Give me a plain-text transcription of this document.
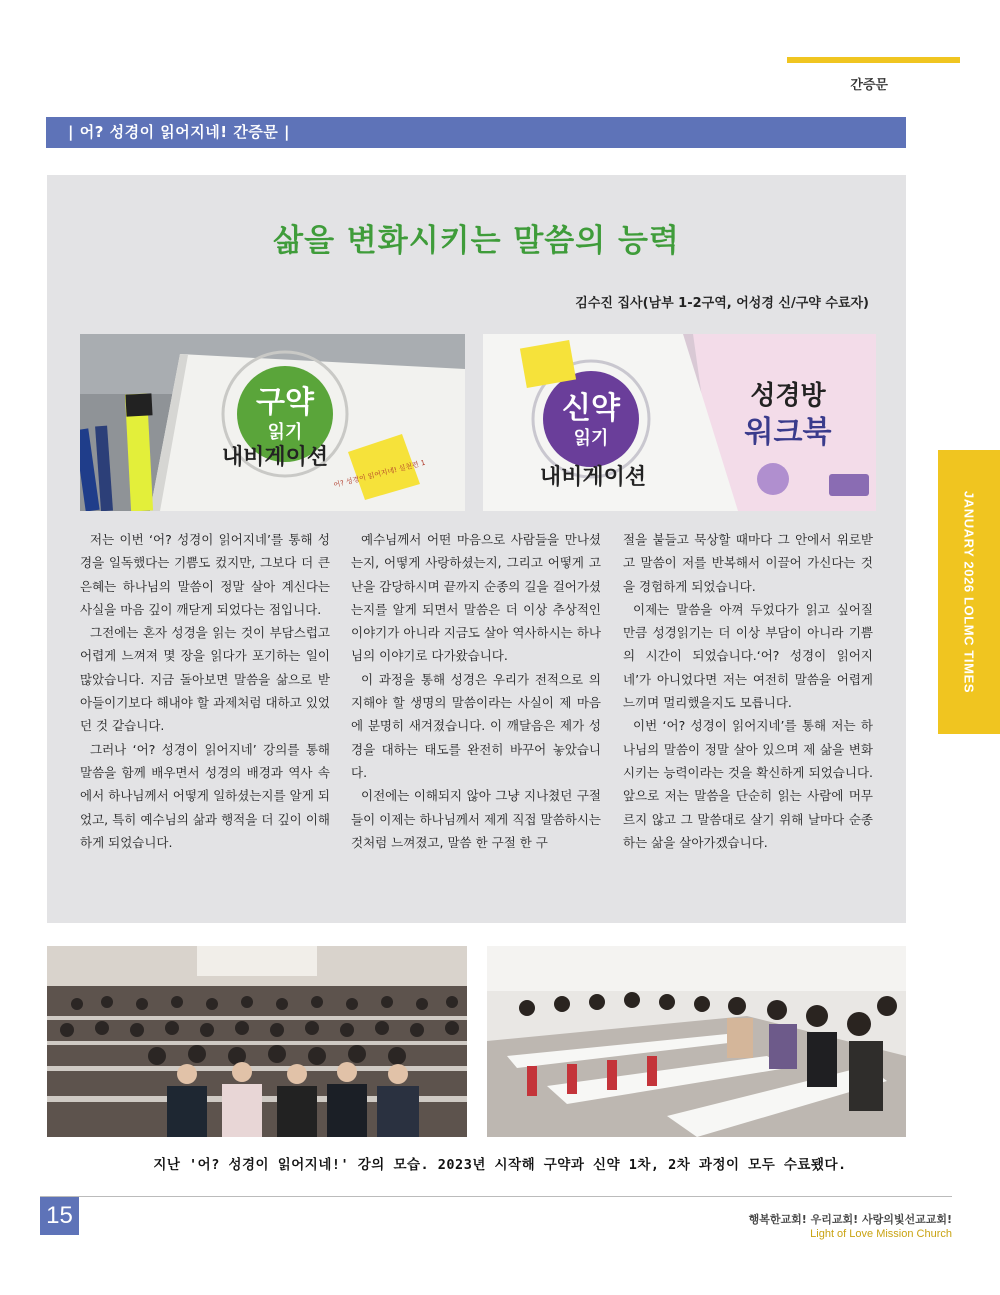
간증문
| 어? 성경이 읽어지네! 간증문 |
JANUARY 2026 LOLMC TIMES
삶을 변화시키는 말씀의 능력
김수진 집사(남부 1-2구역, 어성경 신/구약 수료자)
구약
읽기
내비게이션
어? 성경이 읽어지네! 실천편 1
신약
읽기
내비게이션
성경방
워크북

저는 이번 ‘어? 성경이 읽어지네’를 통해 성경을 일독했다는 기쁨도 컸지만, 그보다 더 큰 은혜는 하나님의 말씀이 정말 살아 계신다는 사실을 마음 깊이 깨닫게 되었다는 점입니다.

그전에는 혼자 성경을 읽는 것이 부담스럽고 어렵게 느껴져 몇 장을 읽다가 포기하는 일이 많았습니다. 지금 돌아보면 말씀을 삶으로 받아들이기보다 해내야 할 과제처럼 대하고 있었던 것 같습니다.

그러나 ‘어? 성경이 읽어지네’ 강의를 통해 말씀을 함께 배우면서 성경의 배경과 역사 속에서 하나님께서 어떻게 일하셨는지를 알게 되었고, 특히 예수님의 삶과 행적을 더 깊이 이해하게 되었습니다.

예수님께서 어떤 마음으로 사람들을 만나셨는지, 어떻게 사랑하셨는지, 그리고 어떻게 고난을 감당하시며 끝까지 순종의 길을 걸어가셨는지를 알게 되면서 말씀은 더 이상 추상적인 이야기가 아니라 지금도 살아 역사하시는 하나님의 이야기로 다가왔습니다.

이 과정을 통해 성경은 우리가 전적으로 의지해야 할 생명의 말씀이라는 사실이 제 마음에 분명히 새겨졌습니다. 이 깨달음은 제가 성경을 대하는 태도를 완전히 바꾸어 놓았습니다.

이전에는 이해되지 않아 그냥 지나쳤던 구절들이 이제는 하나님께서 제게 직접 말씀하시는 것처럼 느껴졌고, 말씀 한 구절 한 구

절을 붙들고 묵상할 때마다 그 안에서 위로받고 말씀이 저를 반복해서 이끌어 가신다는 것을 경험하게 되었습니다.

이제는 말씀을 아껴 두었다가 읽고 싶어질 만큼 성경읽기는 더 이상 부담이 아니라 기쁨의 시간이 되었습니다.‘어? 성경이 읽어지네’가 아니었다면 저는 여전히 말씀을 어렵게 느끼며 멀리했을지도 모릅니다.

이번 ‘어? 성경이 읽어지네’를 통해 저는 하나님의 말씀이 정말 살아 있으며 제 삶을 변화시키는 능력이라는 것을 확신하게 되었습니다. 앞으로 저는 말씀을 단순히 읽는 사람에 머무르지 않고 그 말씀대로 살기 위해 날마다 순종하는 삶을 살아가겠습니다.

지난 '어? 성경이 읽어지네!' 강의 모습. 2023년 시작해 구약과 신약 1차, 2차 과정이 모두 수료됐다.
15	행복한교회! 우리교회! 사랑의빛선교교회!
Light of Love Mission Church
